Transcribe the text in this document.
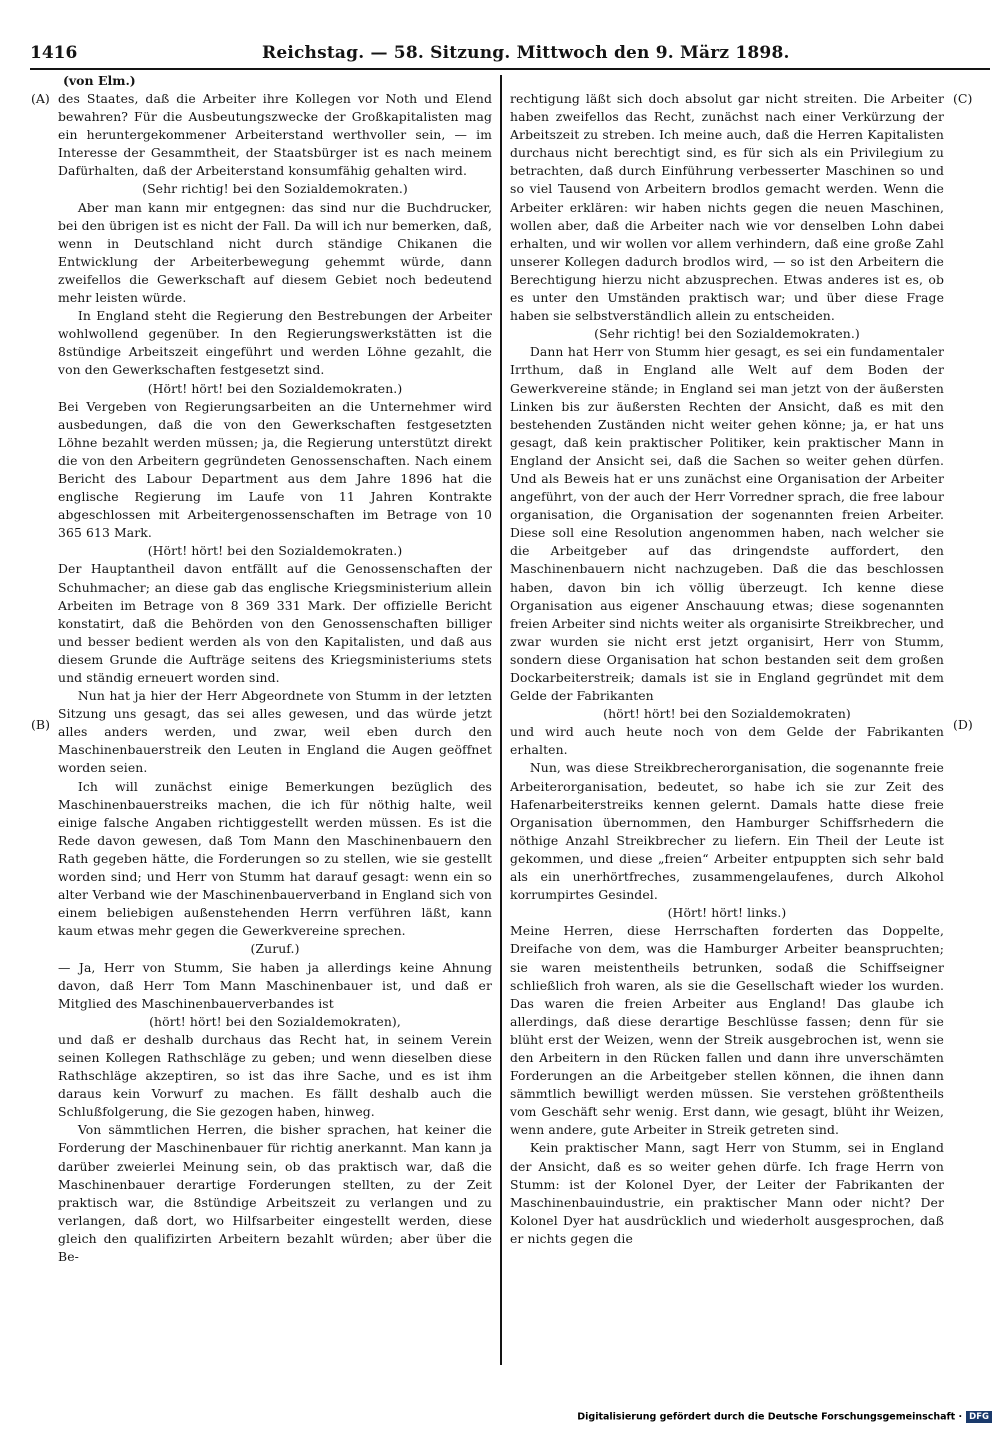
1416	Reichstag. — 58. Sitzung. Mittwoch den 9. März 1898.
(von Elm.)
(A)
(B)
(C)
(D)

des Staates, daß die Arbeiter ihre Kollegen vor Noth und Elend bewahren? Für die Ausbeutungszwecke der Großkapitalisten mag ein heruntergekommener Arbeiterstand werthvoller sein, — im Interesse der Gesammtheit, der Staatsbürger ist es nach meinem Dafürhalten, daß der Arbeiterstand konsumfähig gehalten wird.

(Sehr richtig! bei den Sozialdemokraten.)

Aber man kann mir entgegnen: das sind nur die Buchdrucker, bei den übrigen ist es nicht der Fall. Da will ich nur bemerken, daß, wenn in Deutschland nicht durch ständige Chikanen die Entwicklung der Arbeiterbewegung gehemmt würde, dann zweifellos die Gewerkschaft auf diesem Gebiet noch bedeutend mehr leisten würde.

In England steht die Regierung den Bestrebungen der Arbeiter wohlwollend gegenüber. In den Regierungswerkstätten ist die 8stündige Arbeitszeit eingeführt und werden Löhne gezahlt, die von den Gewerkschaften festgesetzt sind.

(Hört! hört! bei den Sozialdemokraten.)

Bei Vergeben von Regierungsarbeiten an die Unternehmer wird ausbedungen, daß die von den Gewerkschaften festgesetzten Löhne bezahlt werden müssen; ja, die Regierung unterstützt direkt die von den Arbeitern gegründeten Genossenschaften. Nach einem Bericht des Labour Department aus dem Jahre 1896 hat die englische Regierung im Laufe von 11 Jahren Kontrakte abgeschlossen mit Arbeitergenossenschaften im Betrage von 10 365 613 Mark.

(Hört! hört! bei den Sozialdemokraten.)

Der Hauptantheil davon entfällt auf die Genossenschaften der Schuhmacher; an diese gab das englische Kriegsministerium allein Arbeiten im Betrage von 8 369 331 Mark. Der offizielle Bericht konstatirt, daß die Behörden von den Genossenschaften billiger und besser bedient werden als von den Kapitalisten, und daß aus diesem Grunde die Aufträge seitens des Kriegsministeriums stets und ständig erneuert worden sind.

Nun hat ja hier der Herr Abgeordnete von Stumm in der letzten Sitzung uns gesagt, das sei alles gewesen, und das würde jetzt alles anders werden, und zwar, weil eben durch den Maschinenbauerstreik den Leuten in England die Augen geöffnet worden seien.

Ich will zunächst einige Bemerkungen bezüglich des Maschinenbauerstreiks machen, die ich für nöthig halte, weil einige falsche Angaben richtiggestellt werden müssen. Es ist die Rede davon gewesen, daß Tom Mann den Maschinenbauern den Rath gegeben hätte, die Forderungen so zu stellen, wie sie gestellt worden sind; und Herr von Stumm hat darauf gesagt: wenn ein so alter Verband wie der Maschinenbauerverband in England sich von einem beliebigen außenstehenden Herrn verführen läßt, kann kaum etwas mehr gegen die Gewerkvereine sprechen.

(Zuruf.)

— Ja, Herr von Stumm, Sie haben ja allerdings keine Ahnung davon, daß Herr Tom Mann Maschinenbauer ist, und daß er Mitglied des Maschinenbauerverbandes ist

(hört! hört! bei den Sozialdemokraten),

und daß er deshalb durchaus das Recht hat, in seinem Verein seinen Kollegen Rathschläge zu geben; und wenn dieselben diese Rathschläge akzeptiren, so ist das ihre Sache, und es ist ihm daraus kein Vorwurf zu machen. Es fällt deshalb auch die Schlußfolgerung, die Sie gezogen haben, hinweg.

Von sämmtlichen Herren, die bisher sprachen, hat keiner die Forderung der Maschinenbauer für richtig anerkannt. Man kann ja darüber zweierlei Meinung sein, ob das praktisch war, daß die Maschinenbauer derartige Forderungen stellten, zu der Zeit praktisch war, die 8stündige Arbeitszeit zu verlangen und zu verlangen, daß dort, wo Hilfsarbeiter eingestellt werden, diese gleich den qualifizirten Arbeitern bezahlt würden; aber über die Be-

rechtigung läßt sich doch absolut gar nicht streiten. Die Arbeiter haben zweifellos das Recht, zunächst nach einer Verkürzung der Arbeitszeit zu streben. Ich meine auch, daß die Herren Kapitalisten durchaus nicht berechtigt sind, es für sich als ein Privilegium zu betrachten, daß durch Einführung verbesserter Maschinen so und so viel Tausend von Arbeitern brodlos gemacht werden. Wenn die Arbeiter erklären: wir haben nichts gegen die neuen Maschinen, wollen aber, daß die Arbeiter nach wie vor denselben Lohn dabei erhalten, und wir wollen vor allem verhindern, daß eine große Zahl unserer Kollegen dadurch brodlos wird, — so ist den Arbeitern die Berechtigung hierzu nicht abzusprechen. Etwas anderes ist es, ob es unter den Umständen praktisch war; und über diese Frage haben sie selbstverständlich allein zu entscheiden.

(Sehr richtig! bei den Sozialdemokraten.)

Dann hat Herr von Stumm hier gesagt, es sei ein fundamentaler Irrthum, daß in England alle Welt auf dem Boden der Gewerkvereine stände; in England sei man jetzt von der äußersten Linken bis zur äußersten Rechten der Ansicht, daß es mit den bestehenden Zuständen nicht weiter gehen könne; ja, er hat uns gesagt, daß kein praktischer Politiker, kein praktischer Mann in England der Ansicht sei, daß die Sachen so weiter gehen dürfen. Und als Beweis hat er uns zunächst eine Organisation der Arbeiter angeführt, von der auch der Herr Vorredner sprach, die free labour organisation, die Organisation der sogenannten freien Arbeiter. Diese soll eine Resolution angenommen haben, nach welcher sie die Arbeitgeber auf das dringendste auffordert, den Maschinenbauern nicht nachzugeben. Daß die das beschlossen haben, davon bin ich völlig überzeugt. Ich kenne diese Organisation aus eigener Anschauung etwas; diese sogenannten freien Arbeiter sind nichts weiter als organisirte Streikbrecher, und zwar wurden sie nicht erst jetzt organisirt, Herr von Stumm, sondern diese Organisation hat schon bestanden seit dem großen Dockarbeiterstreik; damals ist sie in England gegründet mit dem Gelde der Fabrikanten

(hört! hört! bei den Sozialdemokraten)

und wird auch heute noch von dem Gelde der Fabrikanten erhalten.

Nun, was diese Streikbrecherorganisation, die sogenannte freie Arbeiterorganisation, bedeutet, so habe ich sie zur Zeit des Hafenarbeiterstreiks kennen gelernt. Damals hatte diese freie Organisation übernommen, den Hamburger Schiffsrhedern die nöthige Anzahl Streikbrecher zu liefern. Ein Theil der Leute ist gekommen, und diese „freien“ Arbeiter entpuppten sich sehr bald als ein unerhörtfreches, zusammengelaufenes, durch Alkohol korrumpirtes Gesindel.

(Hört! hört! links.)

Meine Herren, diese Herrschaften forderten das Doppelte, Dreifache von dem, was die Hamburger Arbeiter beanspruchten; sie waren meistentheils betrunken, sodaß die Schiffseigner schließlich froh waren, als sie die Gesellschaft wieder los wurden. Das waren die freien Arbeiter aus England! Das glaube ich allerdings, daß diese derartige Beschlüsse fassen; denn für sie blüht erst der Weizen, wenn der Streik ausgebrochen ist, wenn sie den Arbeitern in den Rücken fallen und dann ihre unverschämten Forderungen an die Arbeitgeber stellen können, die ihnen dann sämmtlich bewilligt werden müssen. Sie verstehen größtentheils vom Geschäft sehr wenig. Erst dann, wie gesagt, blüht ihr Weizen, wenn andere, gute Arbeiter in Streik getreten sind.

Kein praktischer Mann, sagt Herr von Stumm, sei in England der Ansicht, daß es so weiter gehen dürfe. Ich frage Herrn von Stumm: ist der Kolonel Dyer, der Leiter der Fabrikanten der Maschinenbauindustrie, ein praktischer Mann oder nicht? Der Kolonel Dyer hat ausdrücklich und wiederholt ausgesprochen, daß er nichts gegen die

Digitalisierung gefördert durch die Deutsche Forschungsgemeinschaft · DFG
